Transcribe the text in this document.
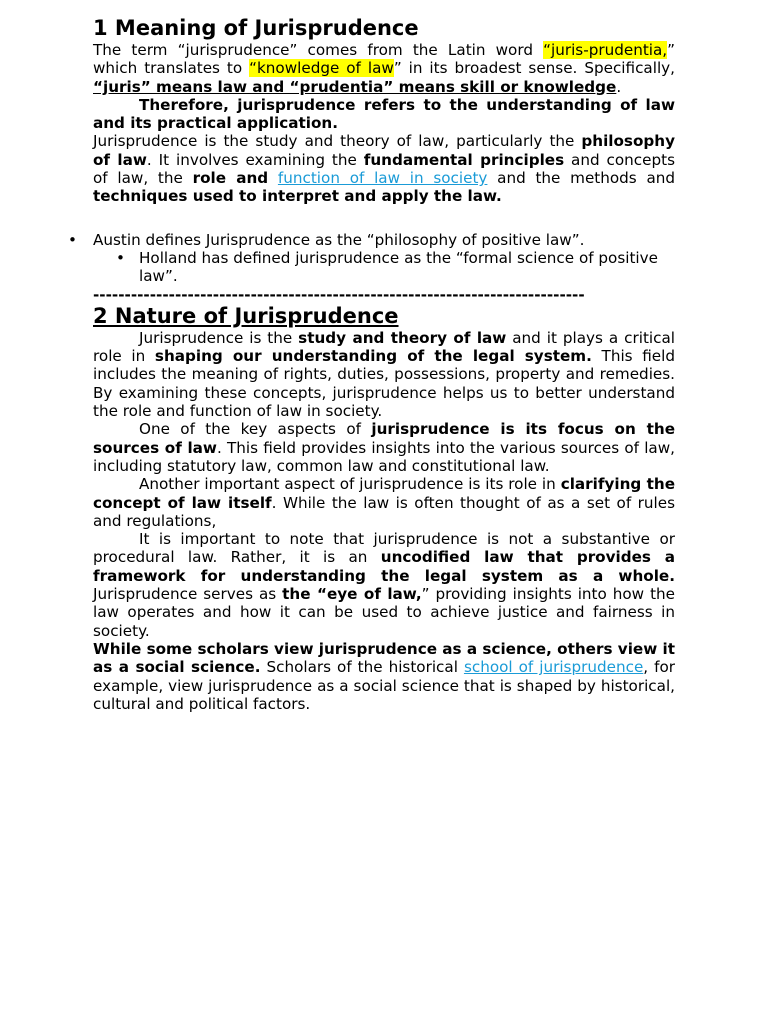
1 Meaning of Jurisprudence

The term “jurisprudence” comes from the Latin word “juris-prudentia,” which translates to “knowledge of law” in its broadest sense. Specifically, “juris” means law and “prudentia” means skill or knowledge.

Therefore, jurisprudence refers to the understanding of law and its practical application.

Jurisprudence is the study and theory of law, particularly the philosophy of law. It involves examining the fundamental principles and concepts of law, the role and function of law in society and the methods and techniques used to interpret and apply the law.

• Austin defines Jurisprudence as the “philosophy of positive law”.
• Holland has defined jurisprudence as the “formal science of positive law”.
------------------------------------------------------------------------------
2 Nature of Jurisprudence

Jurisprudence is the study and theory of law and it plays a critical role in shaping our understanding of the legal system. This field includes the meaning of rights, duties, possessions, property and remedies. By examining these concepts, jurisprudence helps us to better understand the role and function of law in society.

One of the key aspects of jurisprudence is its focus on the sources of law. This field provides insights into the various sources of law, including statutory law, common law and constitutional law.

Another important aspect of jurisprudence is its role in clarifying the concept of law itself. While the law is often thought of as a set of rules and regulations,

It is important to note that jurisprudence is not a substantive or procedural law. Rather, it is an uncodified law that provides a framework for understanding the legal system as a whole. Jurisprudence serves as the “eye of law,” providing insights into how the law operates and how it can be used to achieve justice and fairness in society.

While some scholars view jurisprudence as a science, others view it as a social science. Scholars of the historical school of jurisprudence, for example, view jurisprudence as a social science that is shaped by historical, cultural and political factors.
